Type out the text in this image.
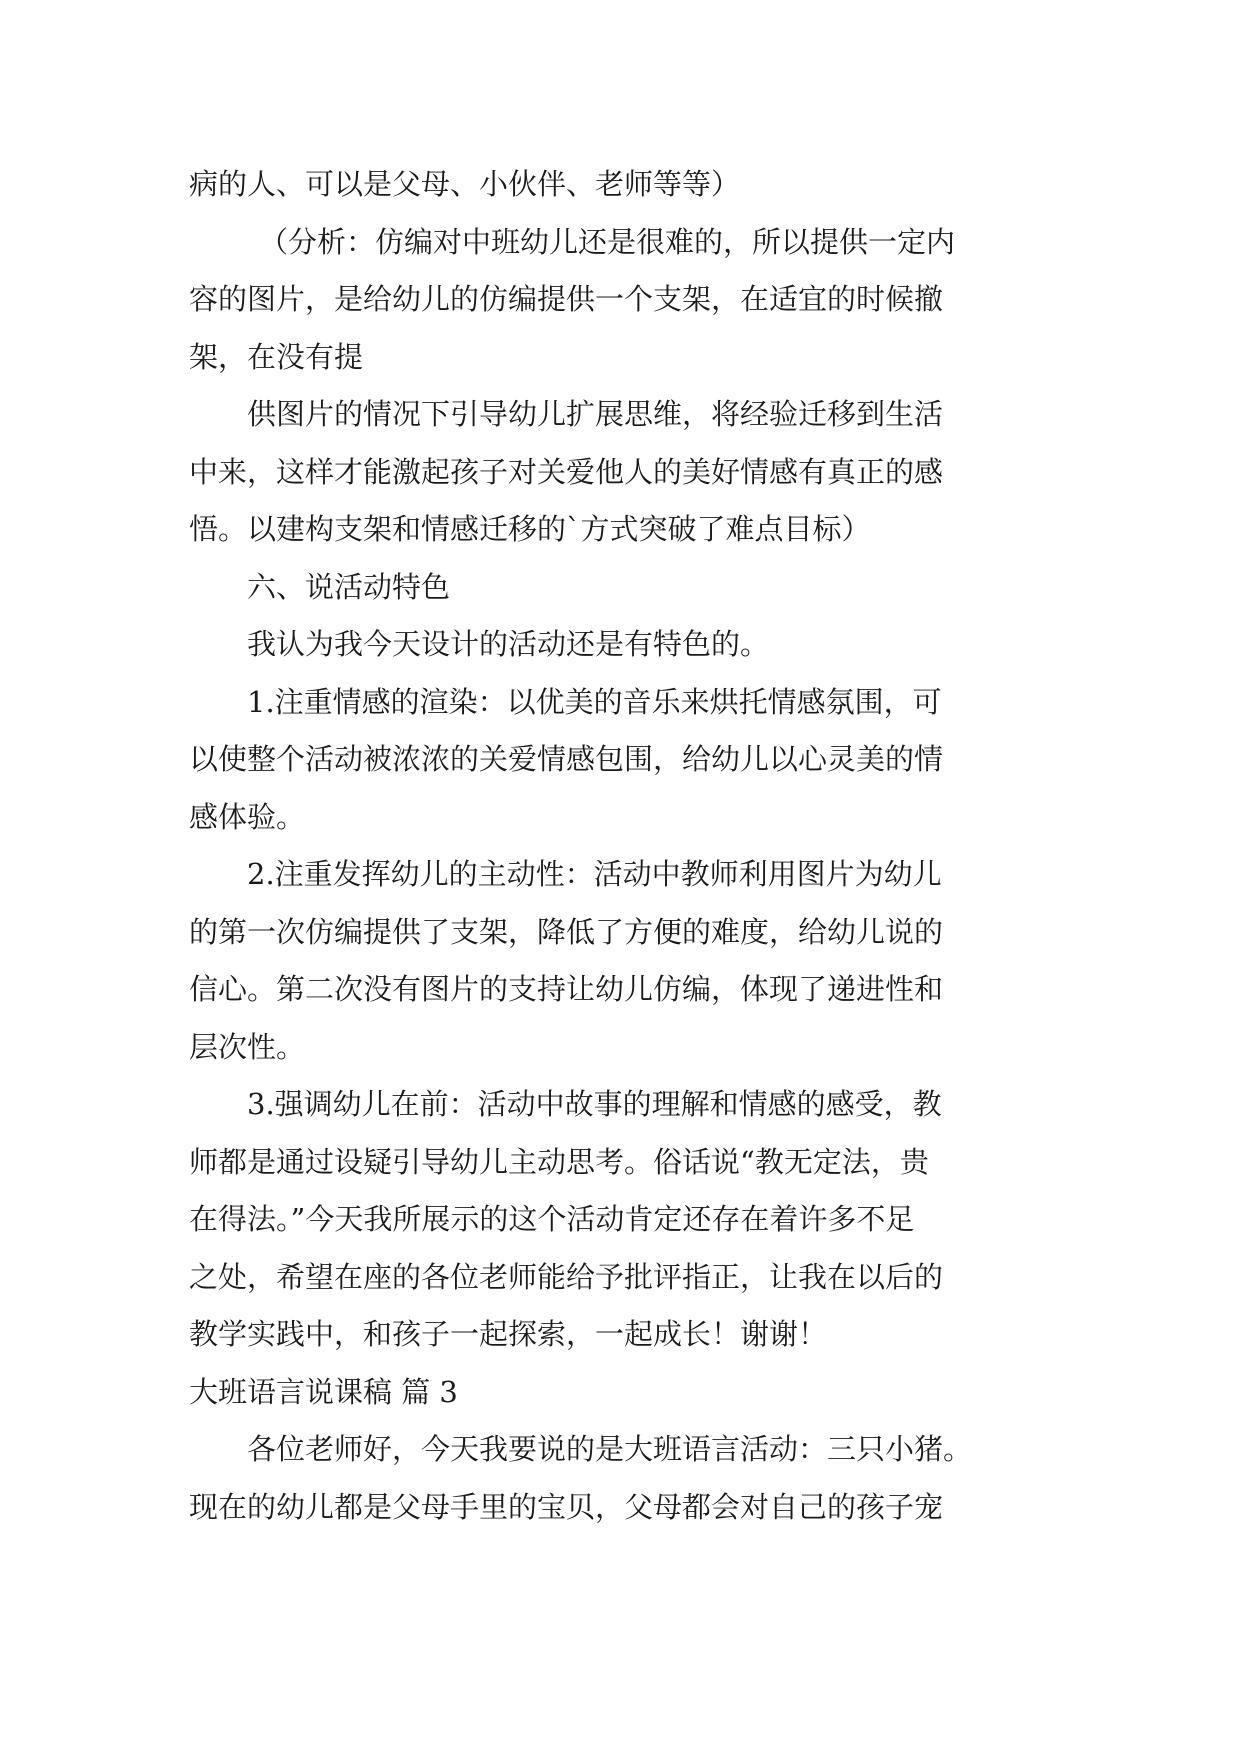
病的人、可以是父母、小伙伴、老师等等）
（分析：仿编对中班幼儿还是很难的，所以提供一定内
容的图片，是给幼儿的仿编提供一个支架，在适宜的时候撤
架，在没有提
供图片的情况下引导幼儿扩展思维，将经验迁移到生活
中来，这样才能激起孩子对关爱他人的美好情感有真正的感
悟。以建构支架和情感迁移的`方式突破了难点目标）
六、说活动特色
我认为我今天设计的活动还是有特色的。
1.注重情感的渲染：以优美的音乐来烘托情感氛围，可
以使整个活动被浓浓的关爱情感包围，给幼儿以心灵美的情
感体验。
2.注重发挥幼儿的主动性：活动中教师利用图片为幼儿
的第一次仿编提供了支架，降低了方便的难度，给幼儿说的
信心。第二次没有图片的支持让幼儿仿编，体现了递进性和
层次性。
3.强调幼儿在前：活动中故事的理解和情感的感受，教
师都是通过设疑引导幼儿主动思考。俗话说“教无定法，贵
在得法。”今天我所展示的这个活动肯定还存在着许多不足
之处，希望在座的各位老师能给予批评指正，让我在以后的
教学实践中，和孩子一起探索，一起成长！谢谢！
大班语言说课稿 篇 3
各位老师好，今天我要说的是大班语言活动：三只小猪。
现在的幼儿都是父母手里的宝贝，父母都会对自己的孩子宠
